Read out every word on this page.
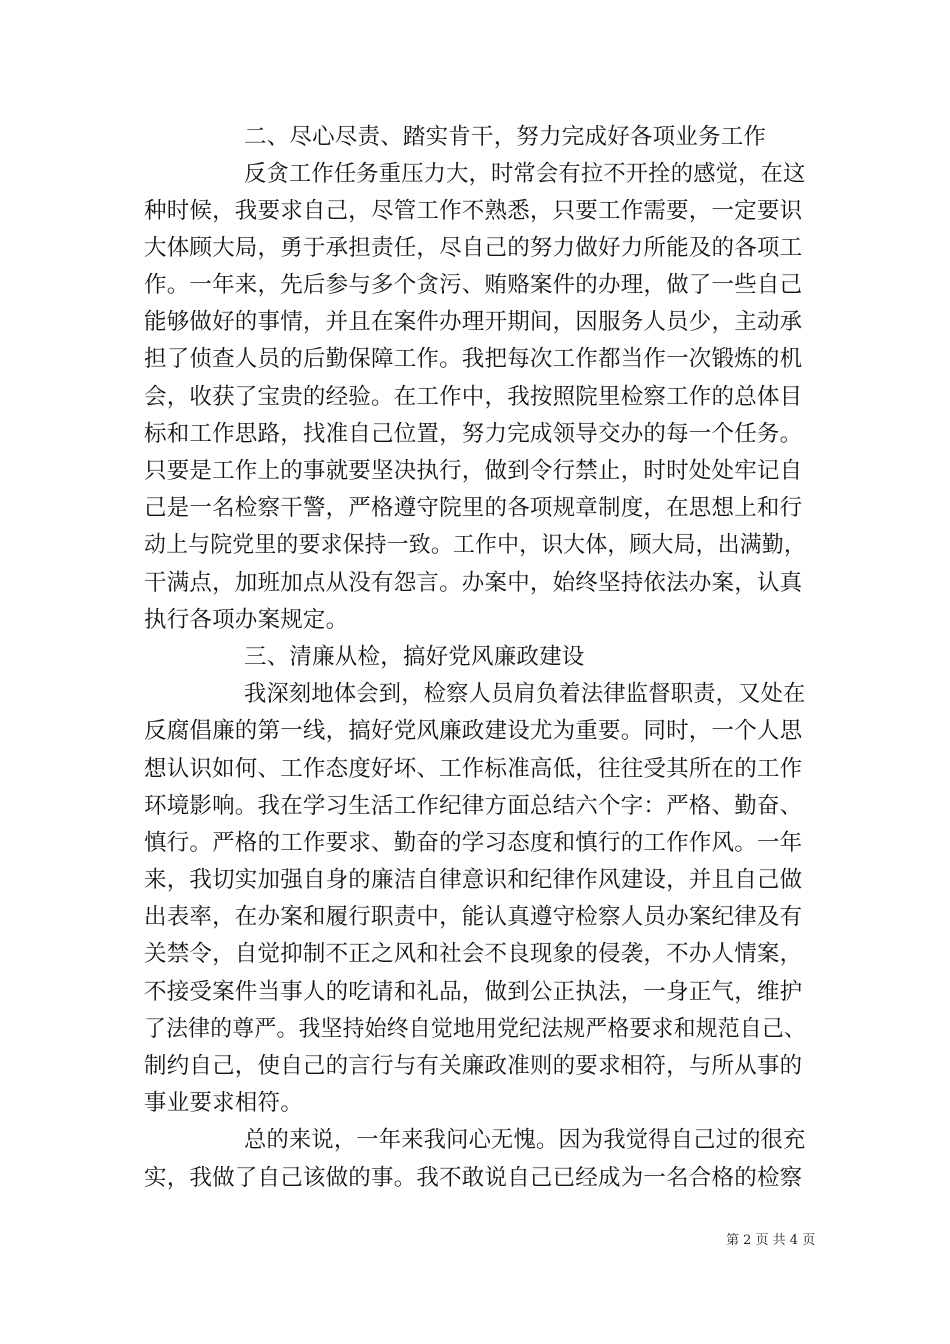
二、尽心尽责、踏实肯干，努力完成好各项业务工作
反贪工作任务重压力大，时常会有拉不开拴的感觉，在这
种时候，我要求自己，尽管工作不熟悉，只要工作需要，一定要识
大体顾大局，勇于承担责任，尽自己的努力做好力所能及的各项工
作。一年来，先后参与多个贪污、贿赂案件的办理，做了一些自己
能够做好的事情，并且在案件办理开期间，因服务人员少，主动承
担了侦查人员的后勤保障工作。我把每次工作都当作一次锻炼的机
会，收获了宝贵的经验。在工作中，我按照院里检察工作的总体目
标和工作思路，找准自己位置，努力完成领导交办的每一个任务。
只要是工作上的事就要坚决执行，做到令行禁止，时时处处牢记自
己是一名检察干警，严格遵守院里的各项规章制度，在思想上和行
动上与院党里的要求保持一致。工作中，识大体，顾大局，出满勤，
干满点，加班加点从没有怨言。办案中，始终坚持依法办案，认真
执行各项办案规定。
三、清廉从检，搞好党风廉政建设
我深刻地体会到，检察人员肩负着法律监督职责，又处在
反腐倡廉的第一线，搞好党风廉政建设尤为重要。同时，一个人思
想认识如何、工作态度好坏、工作标准高低，往往受其所在的工作
环境影响。我在学习生活工作纪律方面总结六个字：严格、勤奋、
慎行。严格的工作要求、勤奋的学习态度和慎行的工作作风。一年
来，我切实加强自身的廉洁自律意识和纪律作风建设，并且自己做
出表率，在办案和履行职责中，能认真遵守检察人员办案纪律及有
关禁令，自觉抑制不正之风和社会不良现象的侵袭，不办人情案，
不接受案件当事人的吃请和礼品，做到公正执法，一身正气，维护
了法律的尊严。我坚持始终自觉地用党纪法规严格要求和规范自己、
制约自己，使自己的言行与有关廉政准则的要求相符，与所从事的
事业要求相符。
总的来说，一年来我问心无愧。因为我觉得自己过的很充
实，我做了自己该做的事。我不敢说自己已经成为一名合格的检察
第 2 页 共 4 页
